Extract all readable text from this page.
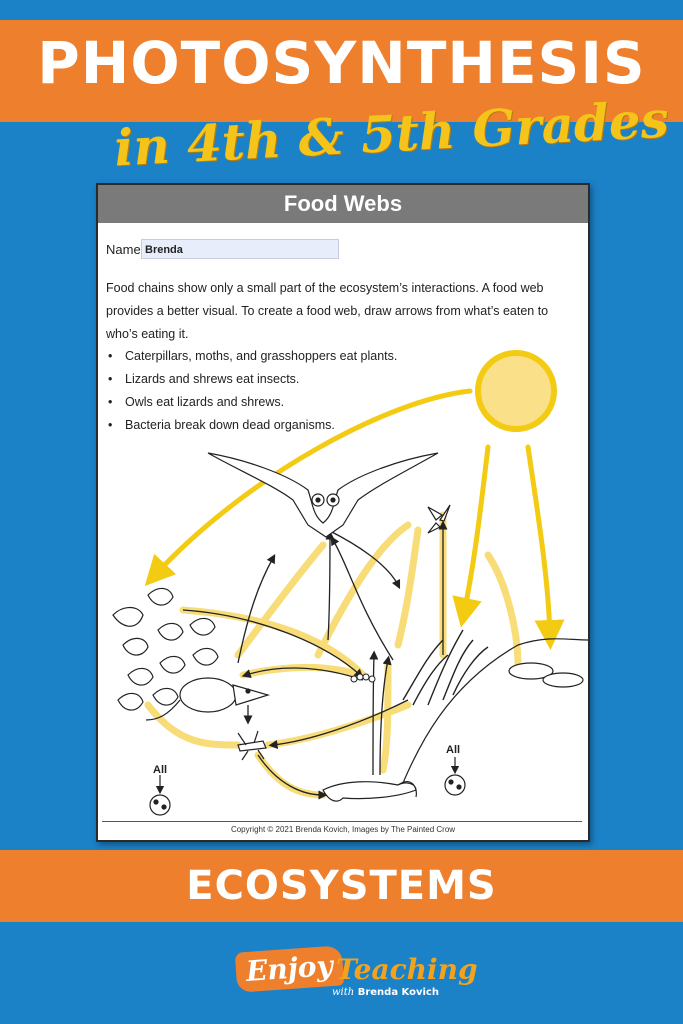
PHOTOSYNTHESIS
in 4th & 5th Grades
Food Webs
Name Brenda
Food chains show only a small part of the ecosystem’s interactions. A food web provides a better visual. To create a food web, draw arrows from what’s eaten to who’s eating it.
• Caterpillars, moths, and grasshoppers eat plants.
• Lizards and shrews eat insects.
• Owls eat lizards and shrews.
• Bacteria break down dead organisms.
All
All
Copyright © 2021 Brenda Kovich, Images by The Painted Crow
ECOSYSTEMS
Enjoy Teaching
with Brenda Kovich
